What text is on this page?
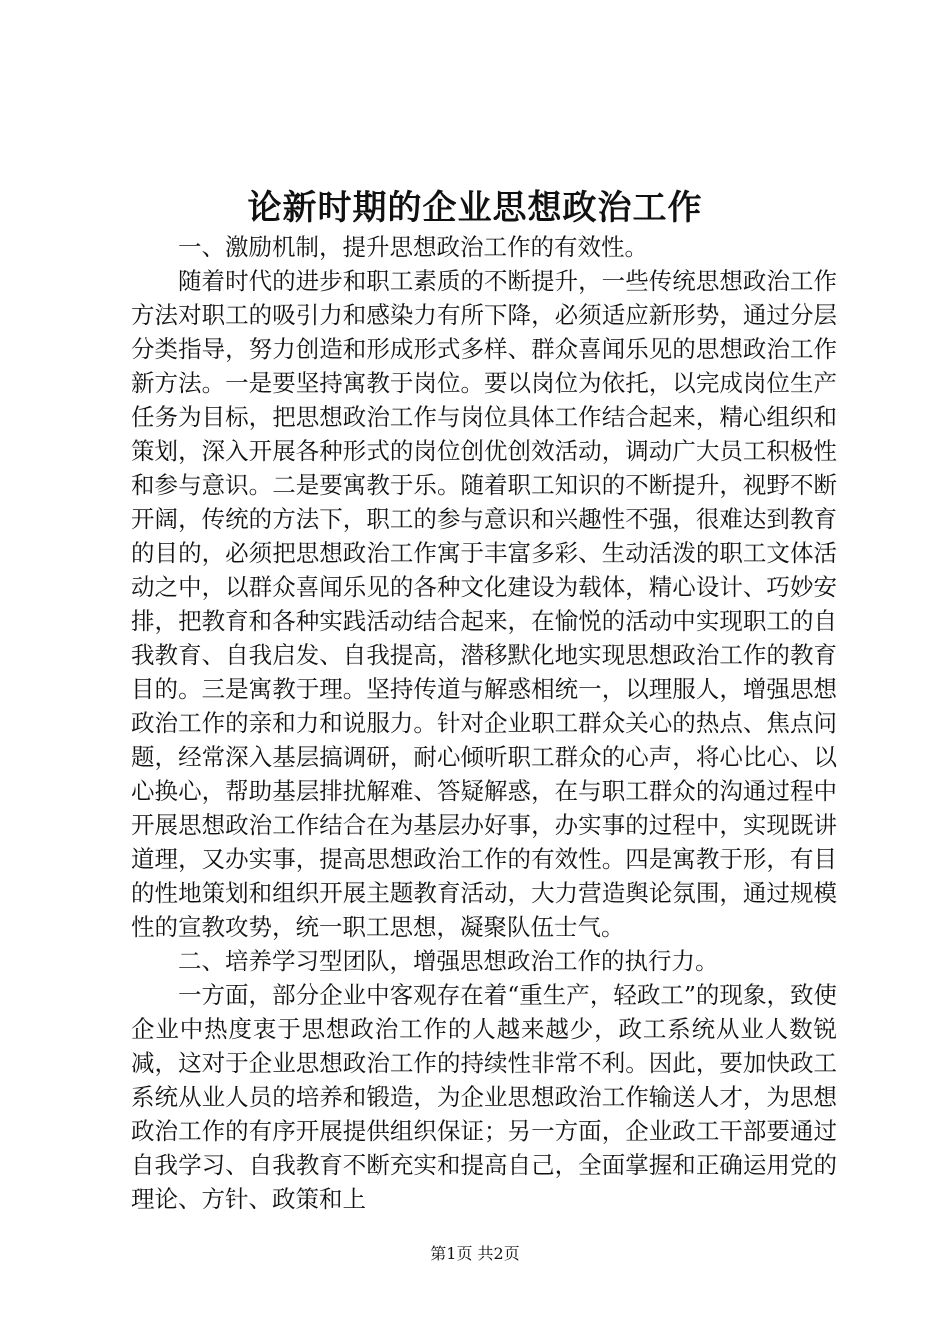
论新时期的企业思想政治工作

一、激励机制，提升思想政治工作的有效性。

随着时代的进步和职工素质的不断提升，一些传统思想政治工作方法对职工的吸引力和感染力有所下降，必须适应新形势，通过分层分类指导，努力创造和形成形式多样、群众喜闻乐见的思想政治工作新方法。一是要坚持寓教于岗位。要以岗位为依托，以完成岗位生产任务为目标，把思想政治工作与岗位具体工作结合起来，精心组织和策划，深入开展各种形式的岗位创优创效活动，调动广大员工积极性和参与意识。二是要寓教于乐。随着职工知识的不断提升，视野不断开阔，传统的方法下，职工的参与意识和兴趣性不强，很难达到教育的目的，必须把思想政治工作寓于丰富多彩、生动活泼的职工文体活动之中，以群众喜闻乐见的各种文化建设为载体，精心设计、巧妙安排，把教育和各种实践活动结合起来，在愉悦的活动中实现职工的自我教育、自我启发、自我提高，潜移默化地实现思想政治工作的教育目的。三是寓教于理。坚持传道与解惑相统一，以理服人，增强思想政治工作的亲和力和说服力。针对企业职工群众关心的热点、焦点问题，经常深入基层搞调研，耐心倾听职工群众的心声，将心比心、以心换心，帮助基层排扰解难、答疑解惑，在与职工群众的沟通过程中开展思想政治工作结合在为基层办好事，办实事的过程中，实现既讲道理，又办实事，提高思想政治工作的有效性。四是寓教于形，有目的性地策划和组织开展主题教育活动，大力营造舆论氛围，通过规模性的宣教攻势，统一职工思想，凝聚队伍士气。

二、培养学习型团队，增强思想政治工作的执行力。

一方面，部分企业中客观存在着“重生产，轻政工”的现象，致使企业中热度衷于思想政治工作的人越来越少，政工系统从业人数锐减，这对于企业思想政治工作的持续性非常不利。因此，要加快政工系统从业人员的培养和锻造，为企业思想政治工作输送人才，为思想政治工作的有序开展提供组织保证；另一方面，企业政工干部要通过自我学习、自我教育不断充实和提高自己，全面掌握和正确运用党的理论、方针、政策和上

第1页 共2页
